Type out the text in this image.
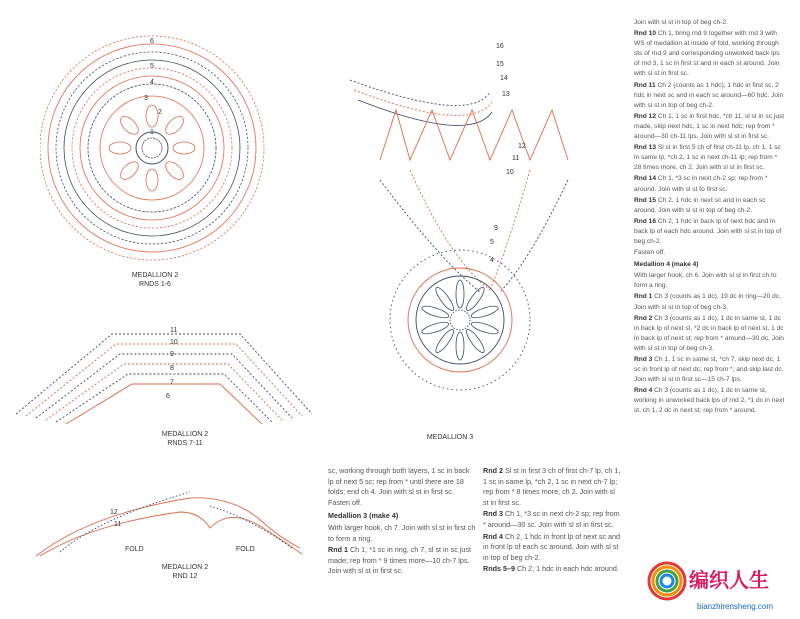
6
5
4
3
2
1
MEDALLION 2
RNDS 1-6
11
10
9
8
7
6
MEDALLION 2
RNDS 7-11
12
11
FOLD	FOLD
MEDALLION 2
RND 12
16
15
14
13
12
11
10
9
5
4
MEDALLION 3

sc, working through both layers, 1 sc in back lp of next 5 sc; rep from * until there are 18 folds; end ch 4. Join with sl st in first sc. Fasten off.

Medallion 3 (make 4)

With larger hook, ch 7. Join with sl st in first ch to form a ring.

Rnd 1 Ch 1, *1 sc in ring, ch 7, sl st in sc just made; rep from * 9 times more—10 ch-7 lps. Join with sl st in first sc.

Rnd 2 Sl st in first 3 ch of first ch-7 lp, ch 1, 1 sc in same lp, *ch 2, 1 sc in next ch-7 lp; rep from * 8 times more, ch 2. Join with sl st in first sc.

Rnd 3 Ch 1, *3 sc in next ch-2 sp; rep from * around—30 sc. Join with sl st in first sc.

Rnd 4 Ch 2, 1 hdc in front lp of next sc and in front lp of each sc around. Join with sl st in top of beg ch-2.

Rnds 5–9 Ch 2, 1 hdc in each hdc around.

Join with sl st in top of beg ch-2.

Rnd 10 Ch 1, bring rnd 9 together with rnd 3 with WS of medallion at inside of fold, working through sts of rnd 9 and corresponding unworked back lps of rnd 3, 1 sc in first st and in each st around. Join with sl st in first sc.

Rnd 11 Ch 2 (counts as 1 hdc), 1 hdc in first sc, 2 hdc in next sc and in each sc around—60 hdc. Join with sl st in top of beg ch-2.

Rnd 12 Ch 1, 1 sc in first hdc, *ch 11, sl st in sc just made, skip next hdc, 1 sc in next hdc; rep from * around—30 ch-11 lps. Join with sl st in first sc.

Rnd 13 Sl st in first 5 ch of first ch-11 lp, ch 1, 1 sc in same lp, *ch 2, 1 sc in next ch-11 lp; rep from * 28 times more, ch 2. Join with sl st in first sc.

Rnd 14 Ch 1, *3 sc in next ch-2 sp; rep from * around. Join with sl st to first sc.

Rnd 15 Ch 2, 1 hdc in next sc and in each sc around. Join with sl st in top of beg ch-2.

Rnd 16 Ch 2, 1 hdc in back lp of next hdc and in back lp of each hdc around. Join with sl st in top of beg ch-2.

Fasten off.

Medallion 4 (make 4)

With larger hook, ch 6. Join with sl st in first ch to form a ring.

Rnd 1 Ch 3 (counts as 1 dc), 19 dc in ring—20 dc. Join with sl st in top of beg ch-3.

Rnd 2 Ch 3 (counts as 1 dc), 1 dc in same st, 1 dc in back lp of next st, *2 dc in back lp of next st, 1 dc in back lp of next st; rep from * around—30 dc. Join with sl st in top of beg ch-3.

Rnd 3 Ch 1, 1 sc in same st, *ch 7, skip next dc, 1 sc in front lp of next dc; rep from *, and skip last dc. Join with sl st in first sc—15 ch-7 lps.

Rnd 4 Ch 3 (counts as 1 dc), 1 dc in same st, working in unworked back lps of rnd 2, *1 dc in next st, ch 1, 2 dc in next st; rep from * around.

编织人生
bianzhirensheng.com
